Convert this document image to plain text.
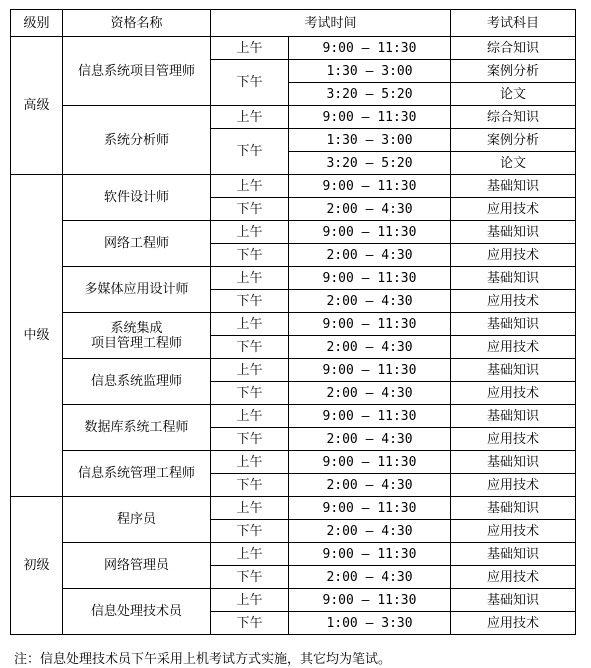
级别	资格名称	考试时间		考试科目
高级	信息系统项目管理师	上午	9:00 — 11:30	综合知识
		下午	1:30 — 3:00	案例分析
			3:20 — 5:20	论文
	系统分析师	上午	9:00 — 11:30	综合知识
		下午	1:30 — 3:00	案例分析
			3:20 — 5:20	论文
中级	软件设计师	上午	9:00 — 11:30	基础知识
		下午	2:00 — 4:30	应用技术
	网络工程师	上午	9:00 — 11:30	基础知识
		下午	2:00 — 4:30	应用技术
	多媒体应用设计师	上午	9:00 — 11:30	基础知识
		下午	2:00 — 4:30	应用技术
	系统集成
项目管理工程师	上午	9:00 — 11:30	基础知识
		下午	2:00 — 4:30	应用技术
	信息系统监理师	上午	9:00 — 11:30	基础知识
		下午	2:00 — 4:30	应用技术
	数据库系统工程师	上午	9:00 — 11:30	基础知识
		下午	2:00 — 4:30	应用技术
	信息系统管理工程师	上午	9:00 — 11:30	基础知识
		下午	2:00 — 4:30	应用技术
初级	程序员	上午	9:00 — 11:30	基础知识
		下午	2:00 — 4:30	应用技术
	网络管理员	上午	9:00 — 11:30	基础知识
		下午	2:00 — 4:30	应用技术
	信息处理技术员	上午	9:00 — 11:30	基础知识
		下午	1:00 — 3:30	应用技术
注：信息处理技术员下午采用上机考试方式实施，其它均为笔试。
